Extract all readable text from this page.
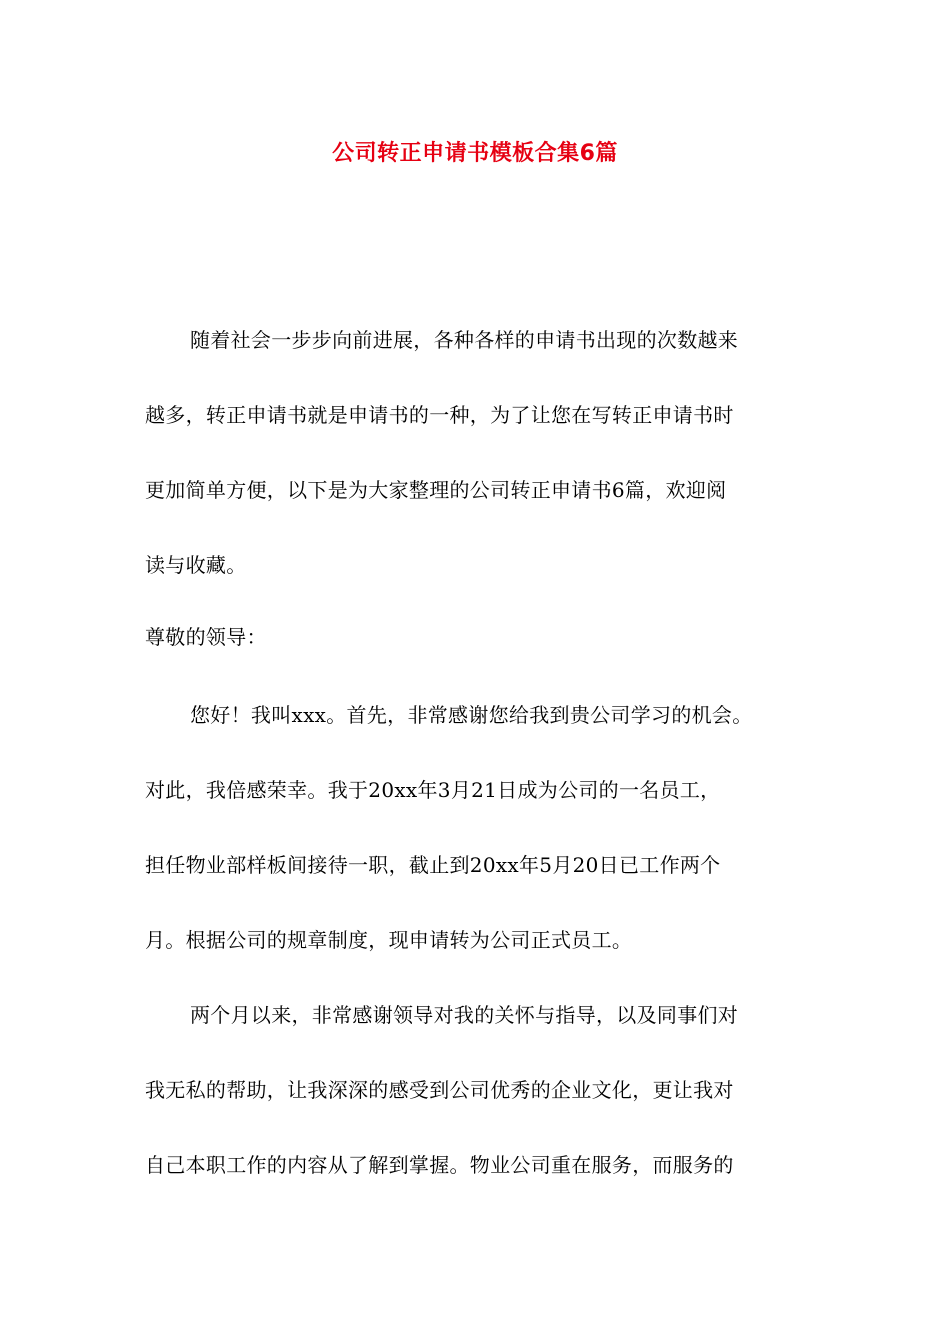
公司转正申请书模板合集6篇
随着社会一步步向前进展，各种各样的申请书出现的次数越来
越多，转正申请书就是申请书的一种，为了让您在写转正申请书时
更加简单方便，以下是为大家整理的公司转正申请书6篇，欢迎阅
读与收藏。
尊敬的领导：
您好！我叫xxx。首先，非常感谢您给我到贵公司学习的机会。
对此，我倍感荣幸。我于20xx年3月21日成为公司的一名员工，
担任物业部样板间接待一职，截止到20xx年5月20日已工作两个
月。根据公司的规章制度，现申请转为公司正式员工。
两个月以来，非常感谢领导对我的关怀与指导，以及同事们对
我无私的帮助，让我深深的感受到公司优秀的企业文化，更让我对
自己本职工作的内容从了解到掌握。物业公司重在服务，而服务的
